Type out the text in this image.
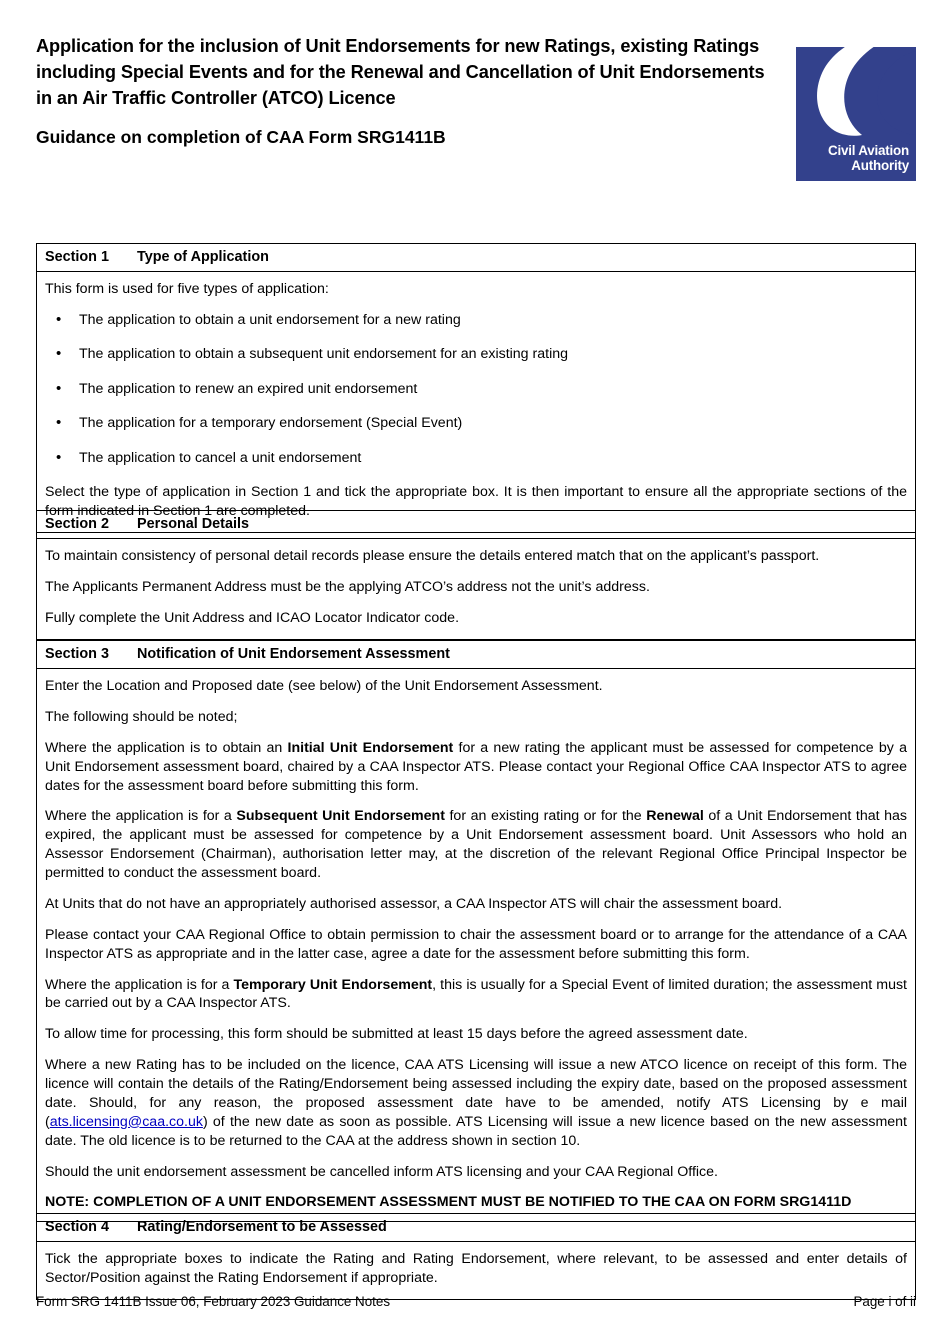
Application for the inclusion of Unit Endorsements for new Ratings, existing Ratings including Special Events and for the Renewal and Cancellation of Unit Endorsements in an Air Traffic Controller (ATCO) Licence
Guidance on completion of CAA Form SRG1411B
Civil Aviation
Authority
Section 1	Type of Application

This form is used for five types of application:

• The application to obtain a unit endorsement for a new rating
• The application to obtain a subsequent unit endorsement for an existing rating
• The application to renew an expired unit endorsement
• The application for a temporary endorsement (Special Event)
• The application to cancel a unit endorsement

Select the type of application in Section 1 and tick the appropriate box. It is then important to ensure all the appropriate sections of the form indicated in Section 1 are completed.

Section 2	Personal Details

To maintain consistency of personal detail records please ensure the details entered match that on the applicant’s passport.

The Applicants Permanent Address must be the applying ATCO’s address not the unit’s address.

Fully complete the Unit Address and ICAO Locator Indicator code.

Section 3	Notification of Unit Endorsement Assessment

Enter the Location and Proposed date (see below) of the Unit Endorsement Assessment.

The following should be noted;

Where the application is to obtain an Initial Unit Endorsement for a new rating the applicant must be assessed for competence by a Unit Endorsement assessment board, chaired by a CAA Inspector ATS. Please contact your Regional Office CAA Inspector ATS to agree dates for the assessment board before submitting this form.

Where the application is for a Subsequent Unit Endorsement for an existing rating or for the Renewal of a Unit Endorsement that has expired, the applicant must be assessed for competence by a Unit Endorsement assessment board. Unit Assessors who hold an Assessor Endorsement (Chairman), authorisation letter may, at the discretion of the relevant Regional Office Principal Inspector be permitted to conduct the assessment board.

At Units that do not have an appropriately authorised assessor, a CAA Inspector ATS will chair the assessment board.

Please contact your CAA Regional Office to obtain permission to chair the assessment board or to arrange for the attendance of a CAA Inspector ATS as appropriate and in the latter case, agree a date for the assessment before submitting this form.

Where the application is for a Temporary Unit Endorsement, this is usually for a Special Event of limited duration; the assessment must be carried out by a CAA Inspector ATS.

To allow time for processing, this form should be submitted at least 15 days before the agreed assessment date.

Where a new Rating has to be included on the licence, CAA ATS Licensing will issue a new ATCO licence on receipt of this form. The licence will contain the details of the Rating/Endorsement being assessed including the expiry date, based on the proposed assessment date. Should, for any reason, the proposed assessment date have to be amended, notify ATS Licensing by e mail (ats.licensing@caa.co.uk) of the new date as soon as possible. ATS Licensing will issue a new licence based on the new assessment date. The old licence is to be returned to the CAA at the address shown in section 10.

Should the unit endorsement assessment be cancelled inform ATS licensing and your CAA Regional Office.

NOTE: COMPLETION OF A UNIT ENDORSEMENT ASSESSMENT MUST BE NOTIFIED TO THE CAA ON FORM SRG1411D

Section 4	Rating/Endorsement to be Assessed

Tick the appropriate boxes to indicate the Rating and Rating Endorsement, where relevant, to be assessed and enter details of Sector/Position against the Rating Endorsement if appropriate.

Form SRG 1411B Issue 06, February 2023 Guidance Notes	Page i of ii
